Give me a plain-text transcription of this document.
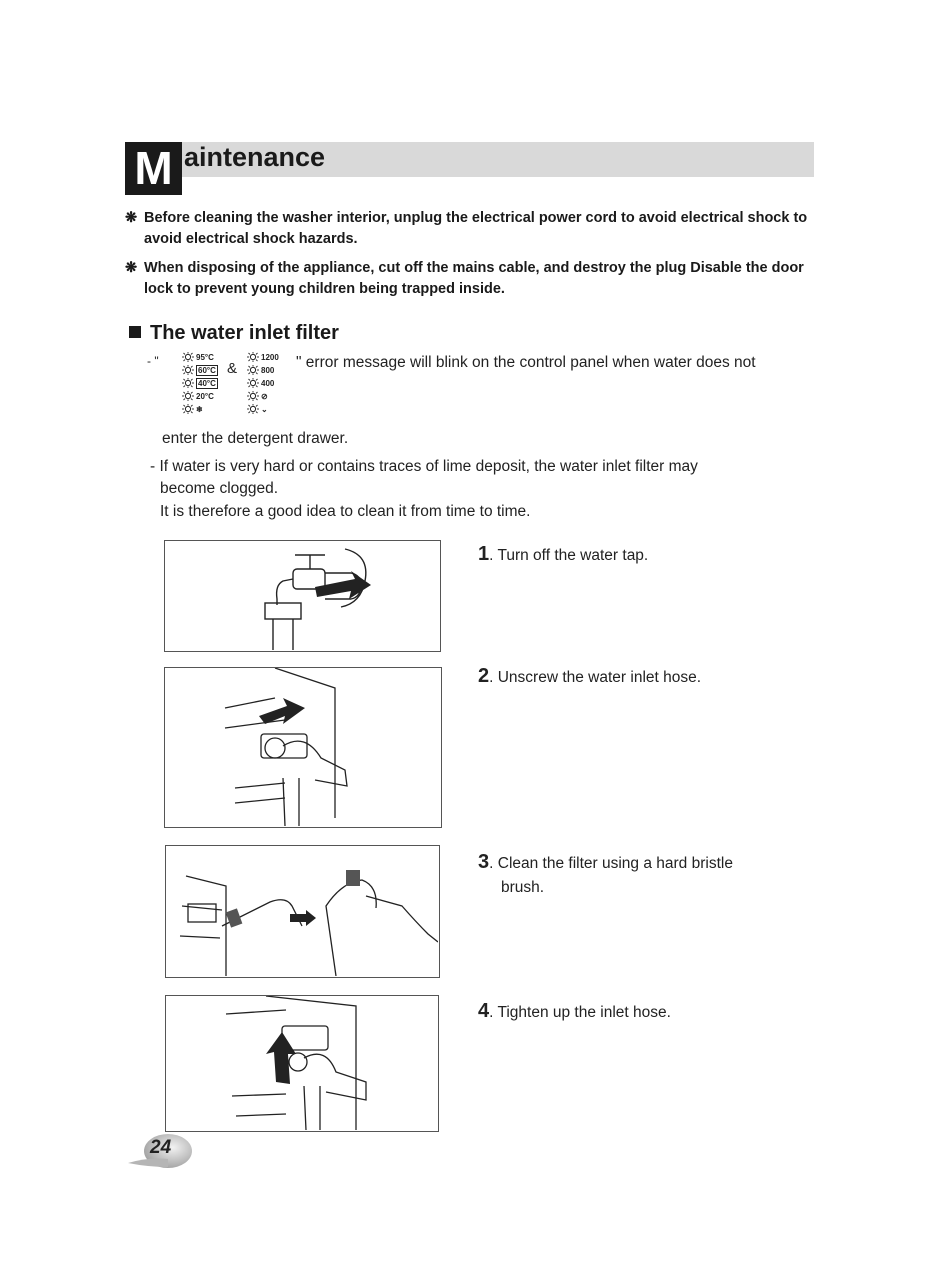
M aintenance
❋ Before cleaning the washer interior, unplug the electrical power cord to avoid electrical shock to avoid electrical shock hazards.
❋ When disposing of the appliance, cut off the mains cable, and destroy the plug Disable the door lock to prevent young children being trapped inside.
The water inlet filter
- "	95°C
60°C
40°C
20°C
❄
&
1200
800
400
⊘
⌄
" error message will blink on the control panel when water does not
enter the detergent drawer.
- If water is very hard or contains traces of lime deposit, the water inlet filter may
become clogged.
It is therefore a good idea to clean it from time to time.
1. Turn off the water tap.
2. Unscrew the water inlet hose.
3. Clean the filter using a hard bristle
brush.
4. Tighten up the inlet hose.
24
